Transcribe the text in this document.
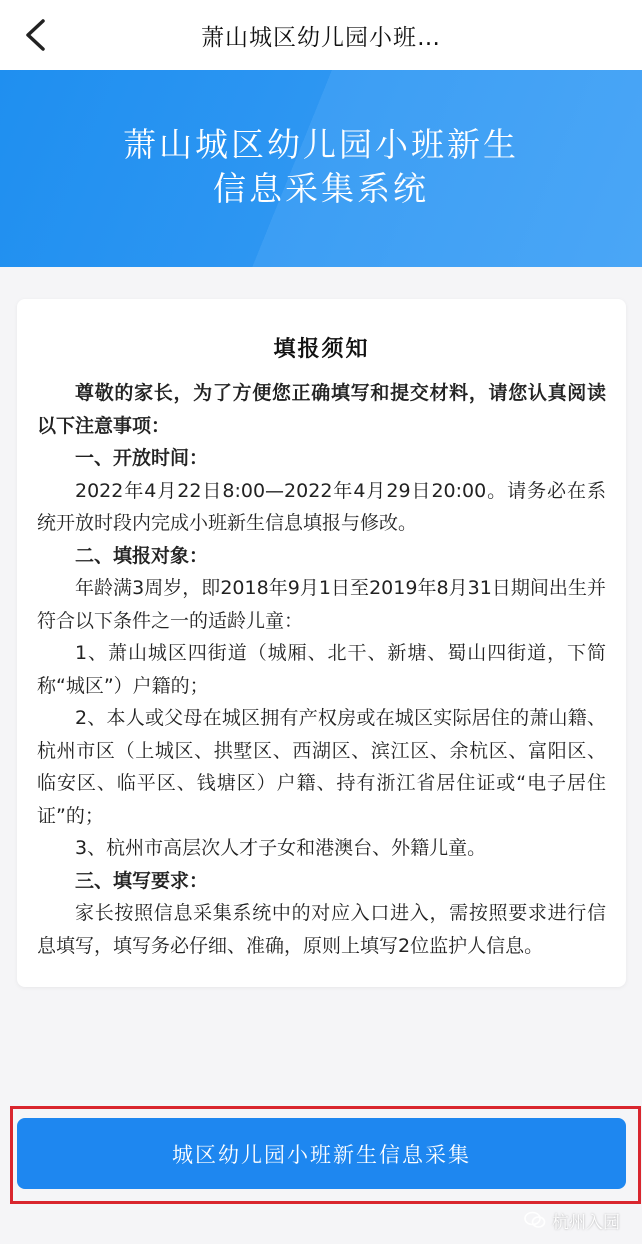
萧山城区幼儿园小班…
萧山城区幼儿园小班新生
信息采集系统
填报须知
尊敬的家长，为了方便您正确填写和提交材料，请您认真阅读以下注意事项：
一、开放时间：
2022年4月22日8:00—2022年4月29日20:00。请务必在系统开放时段内完成小班新生信息填报与修改。
二、填报对象：
年龄满3周岁，即2018年9月1日至2019年8月31日期间出生并符合以下条件之一的适龄儿童：
1、萧山城区四街道（城厢、北干、新塘、蜀山四街道，下简称“城区”）户籍的；
2、本人或父母在城区拥有产权房或在城区实际居住的萧山籍、杭州市区（上城区、拱墅区、西湖区、滨江区、余杭区、富阳区、临安区、临平区、钱塘区）户籍、持有浙江省居住证或“电子居住证”的；
3、杭州市高层次人才子女和港澳台、外籍儿童。
三、填写要求：
家长按照信息采集系统中的对应入口进入，需按照要求进行信息填写，填写务必仔细、准确，原则上填写2位监护人信息。
城区幼儿园小班新生信息采集
杭州入园
